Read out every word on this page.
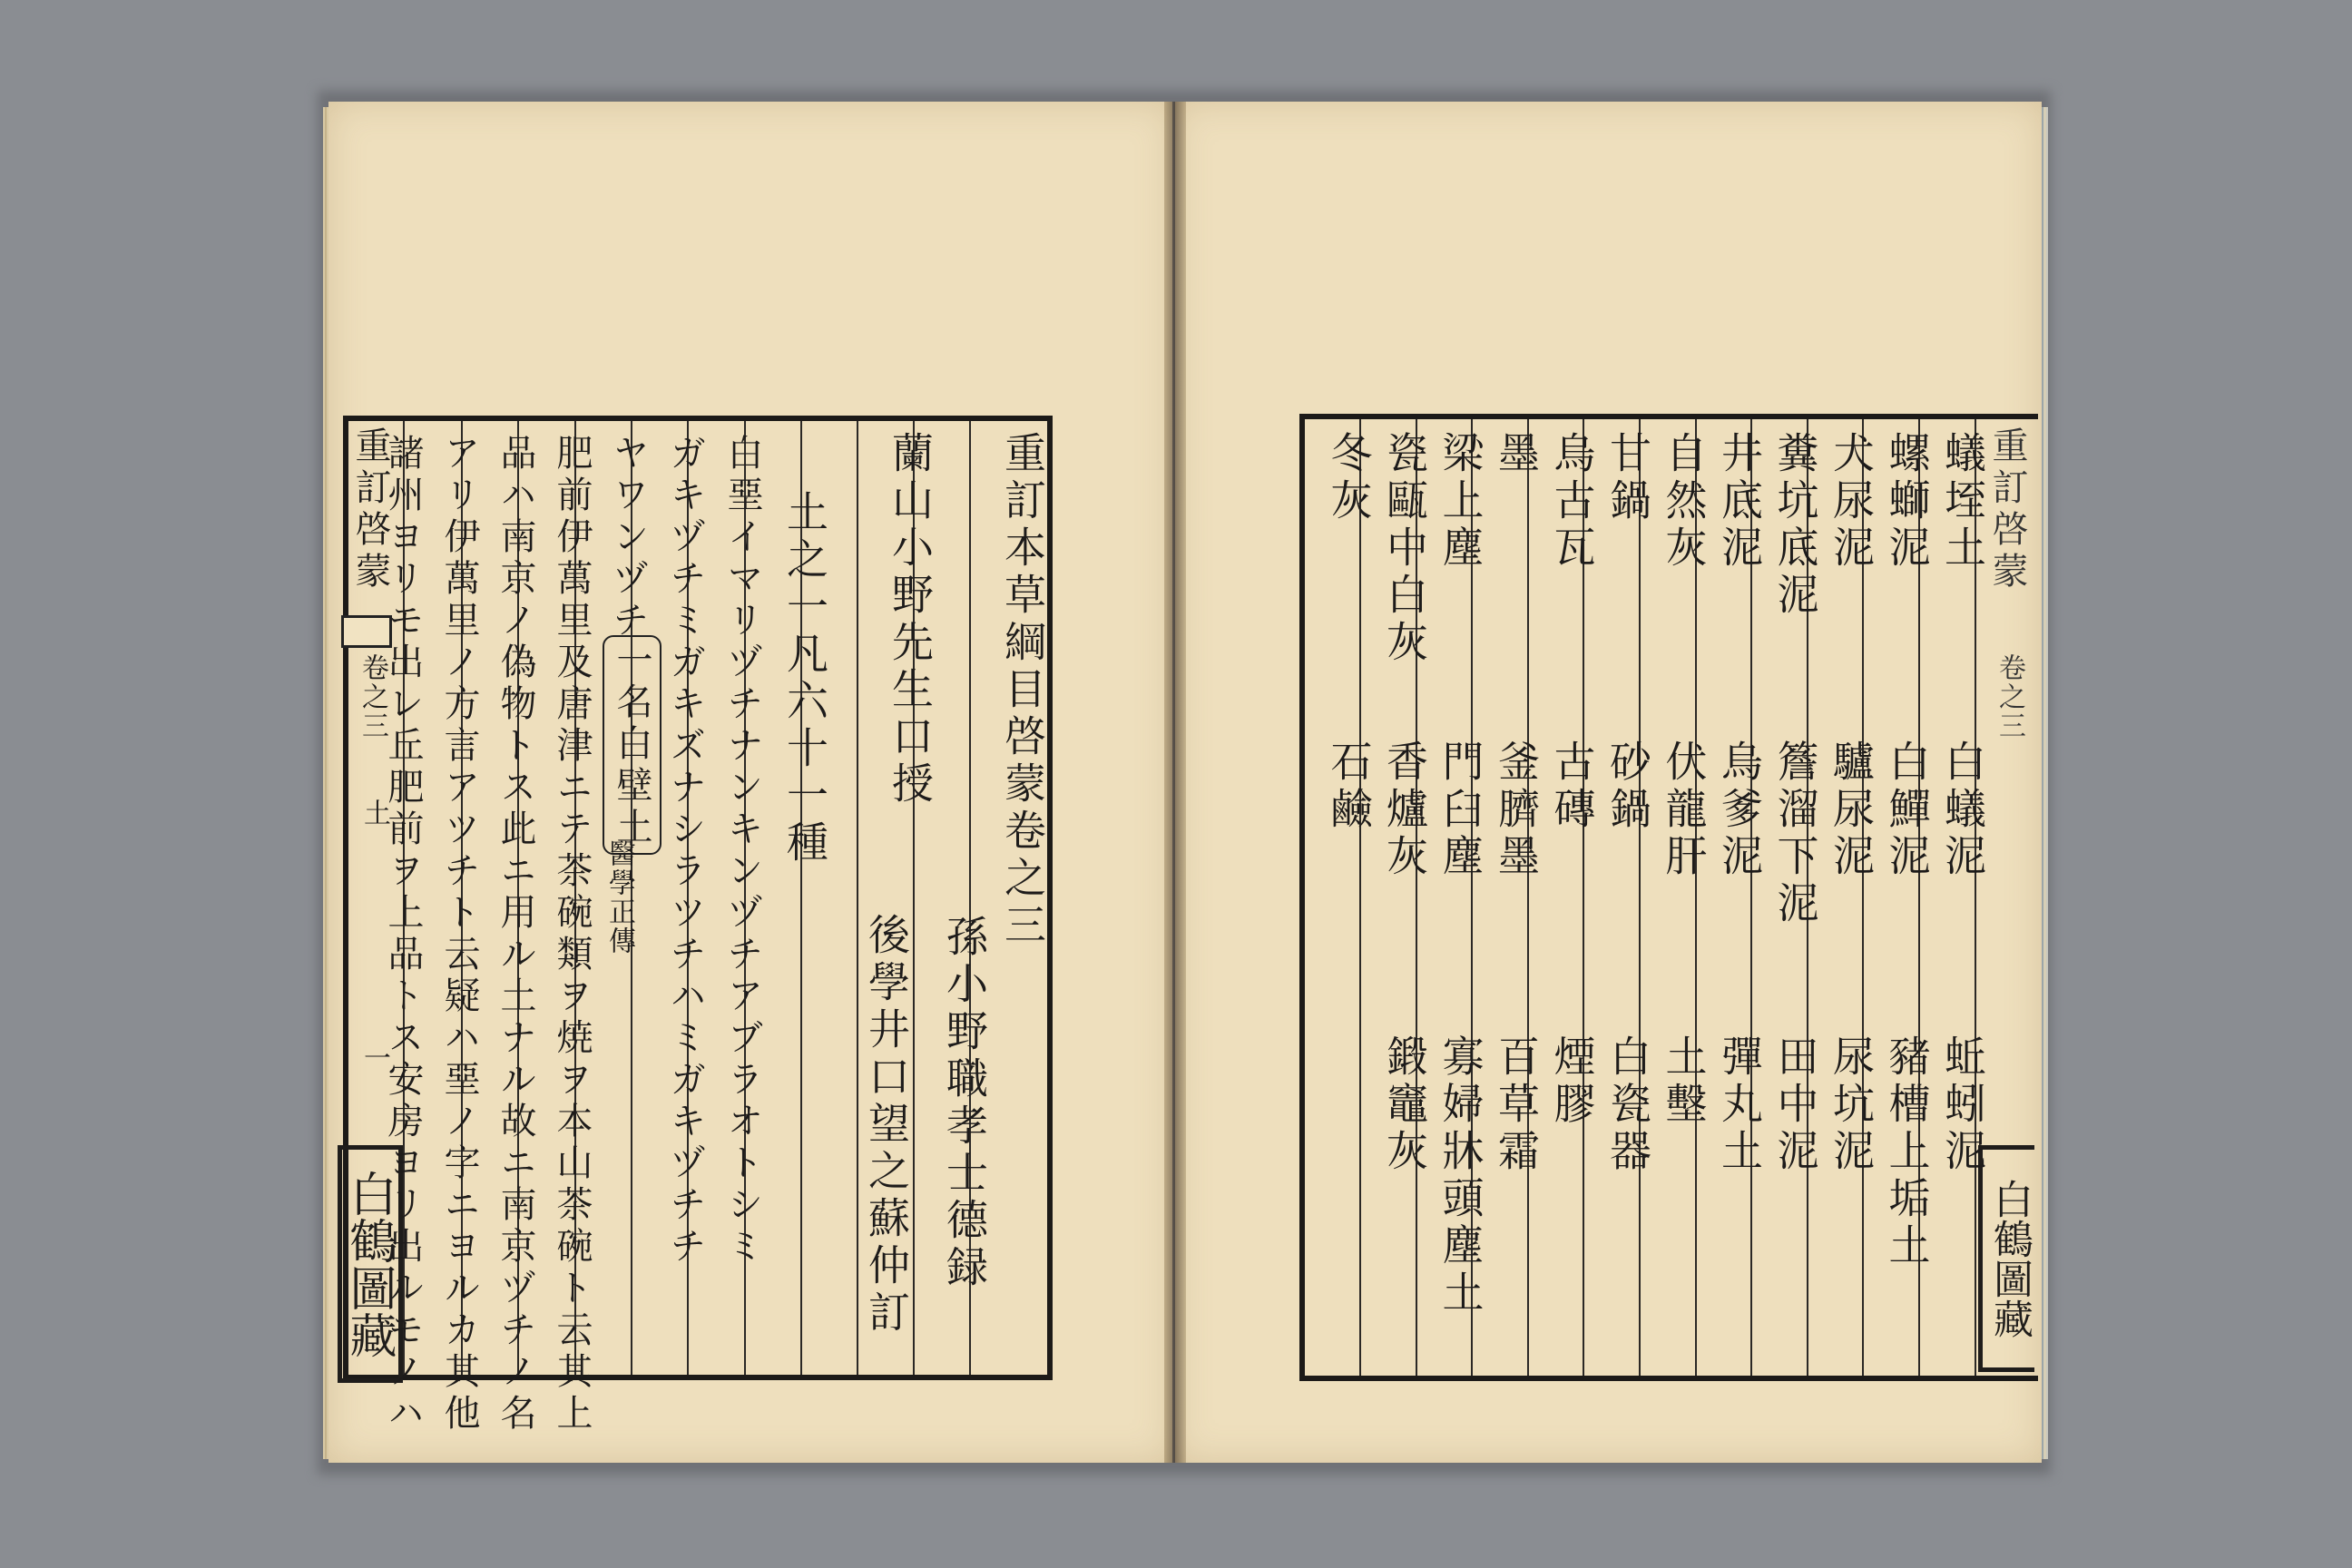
重訂啓蒙
卷之三
土
一
白鶴圖藏
重訂本草綱目啓蒙卷之三
蘭山小野先生口授
孫小野職孝士德録
後學井口望之蘇仲訂
土之一凡六十一種
白堊イマリヅチナンキンヅチアブラオトシミ
ガキヅチミガキズナシラツチハミガキヅチチ
ヤワンヅチ
一名白壁土
醫學正傳
肥前伊萬里及唐津ニテ茶碗類ヲ焼ヲ本山茶碗ト云其上
品ハ南京ノ偽物トス此ニ用ル土ナル故ニ南京ヅチノ名
アリ伊萬里ノ方言アツチト云疑ハ堊ノ字ニヨルカ其他
諸州ヨリモ出レ丘肥前ヲ上品トス安房ヨリ出ルモノハ	重訂啓蒙
卷之三
白鶴圖藏
蟻垤土
白蟻泥
蚯蚓泥
螺螄泥
白鱓泥
豬槽上垢土
犬尿泥
驢尿泥
尿坑泥
糞坑底泥
簷溜下泥
田中泥
井底泥
烏爹泥
彈丸土
自然灰
伏龍肝
土墼
甘鍋
砂鍋
白瓷器
烏古瓦
古磚
煙膠
墨
釜臍墨
百草霜
梁上塵
門臼塵
寡婦牀頭塵土
瓷甌中白灰
香爐灰
鍛竈灰
冬灰
石鹼
